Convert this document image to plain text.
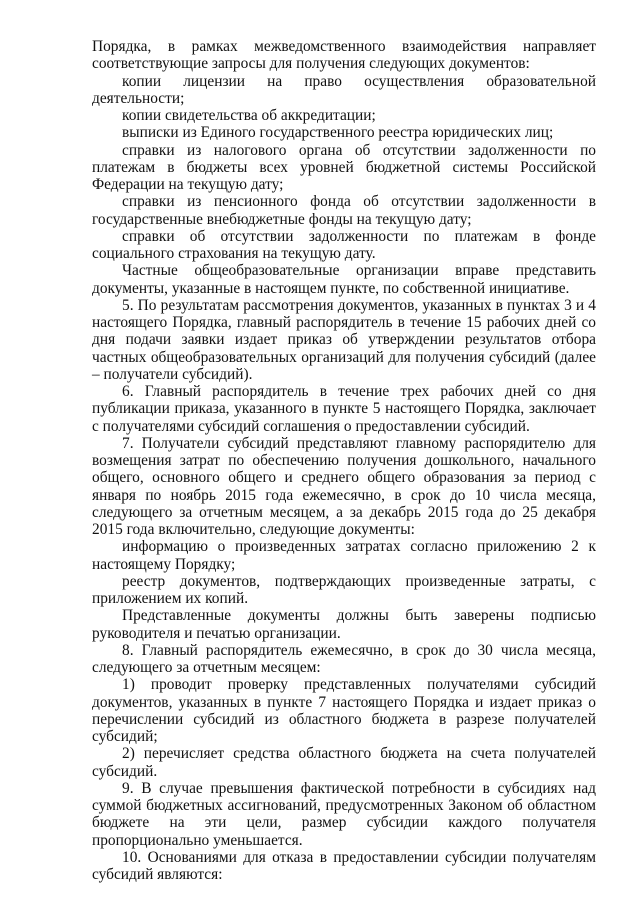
Порядка, в рамках межведомственного взаимодействия направляет соответствующие запросы для получения следующих документов:

копии лицензии на право осуществления образовательной деятельности;

копии свидетельства об аккредитации;

выписки из Единого государственного реестра юридических лиц;

справки из налогового органа об отсутствии задолженности по платежам в бюджеты всех уровней бюджетной системы Российской Федерации на текущую дату;

справки из пенсионного фонда об отсутствии задолженности в государственные внебюджетные фонды на текущую дату;

справки об отсутствии задолженности по платежам в фонде социального страхования на текущую дату.

Частные общеобразовательные организации вправе представить документы, указанные в настоящем пункте, по собственной инициативе.

5. По результатам рассмотрения документов, указанных в пунктах 3 и 4 настоящего Порядка, главный распорядитель в течение 15 рабочих дней со дня подачи заявки издает приказ об утверждении результатов отбора частных общеобразовательных организаций для получения субсидий (далее – получатели субсидий).

6. Главный распорядитель в течение трех рабочих дней со дня публикации приказа, указанного в пункте 5 настоящего Порядка, заключает с получателями субсидий соглашения о предоставлении субсидий.

7. Получатели субсидий представляют главному распорядителю для возмещения затрат по обеспечению получения дошкольного, начального общего, основного общего и среднего общего образования за период с января по ноябрь 2015 года ежемесячно, в срок до 10 числа месяца, следующего за отчетным месяцем, а за декабрь 2015 года до 25 декабря 2015 года включительно, следующие документы:

информацию о произведенных затратах согласно приложению 2 к настоящему Порядку;

реестр документов, подтверждающих произведенные затраты, с приложением их копий.

Представленные документы должны быть заверены подписью руководителя и печатью организации.

8. Главный распорядитель ежемесячно, в срок до 30 числа месяца, следующего за отчетным месяцем:

1) проводит проверку представленных получателями субсидий документов, указанных в пункте 7 настоящего Порядка и издает приказ о перечислении субсидий из областного бюджета в разрезе получателей субсидий;

2) перечисляет средства областного бюджета на счета получателей субсидий.

9. В случае превышения фактической потребности в субсидиях над суммой бюджетных ассигнований, предусмотренных Законом об областном бюджете на эти цели, размер субсидии каждого получателя пропорционально уменьшается.

10. Основаниями для отказа в предоставлении субсидии получателям субсидий являются:
